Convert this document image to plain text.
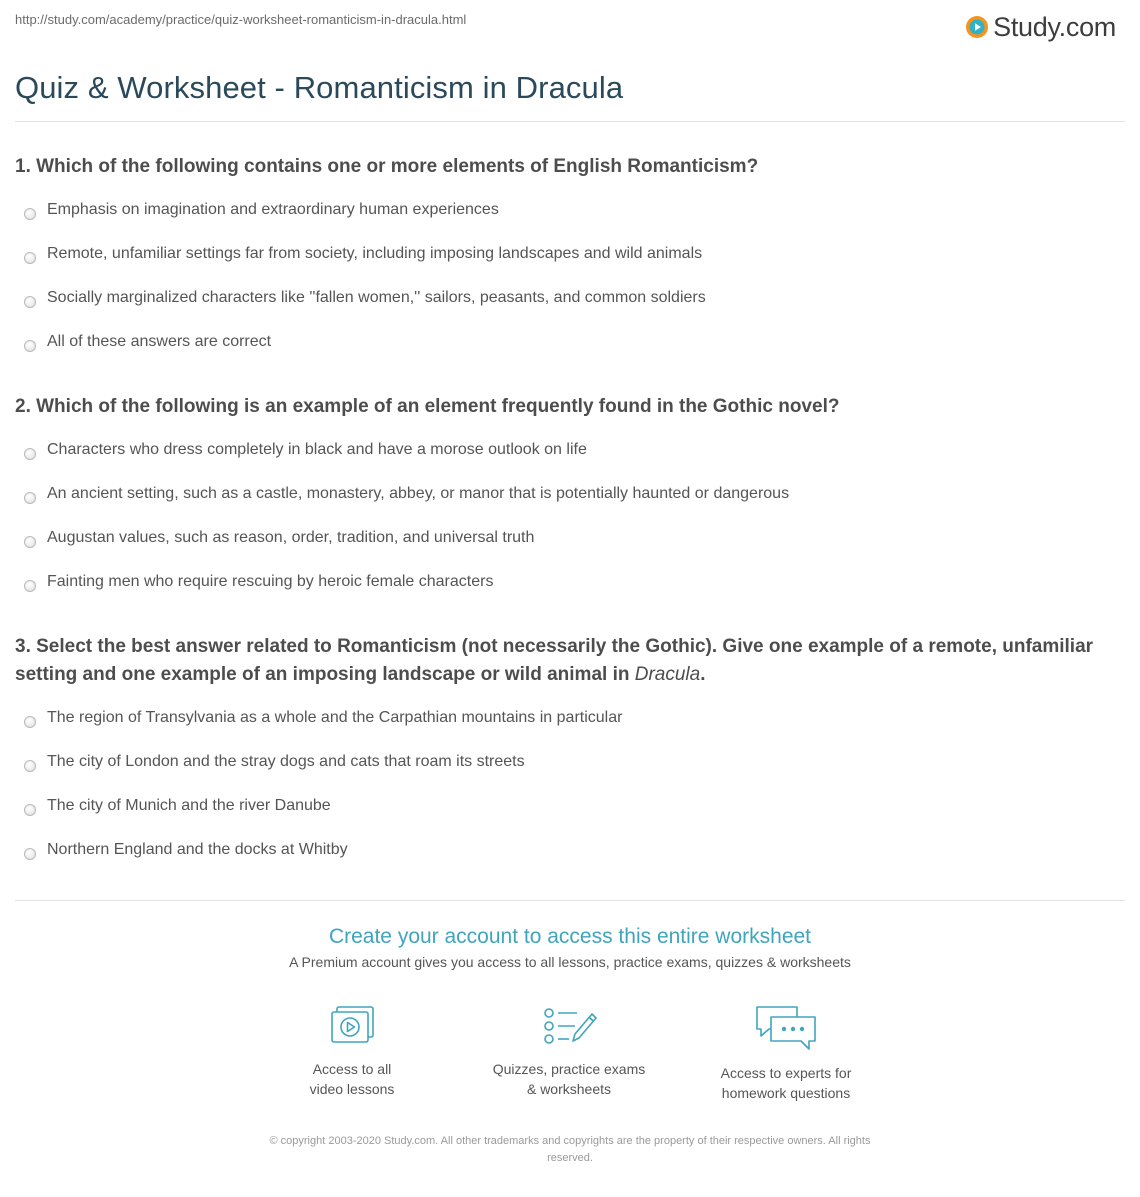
http://study.com/academy/practice/quiz-worksheet-romanticism-in-dracula.html	Study.com
Quiz & Worksheet - Romanticism in Dracula

1. Which of the following contains one or more elements of English Romanticism?

Emphasis on imagination and extraordinary human experiences
Remote, unfamiliar settings far from society, including imposing landscapes and wild animals
Socially marginalized characters like ''fallen women,'' sailors, peasants, and common soldiers
All of these answers are correct

2. Which of the following is an example of an element frequently found in the Gothic novel?

Characters who dress completely in black and have a morose outlook on life
An ancient setting, such as a castle, monastery, abbey, or manor that is potentially haunted or dangerous
Augustan values, such as reason, order, tradition, and universal truth
Fainting men who require rescuing by heroic female characters

3. Select the best answer related to Romanticism (not necessarily the Gothic). Give one example of a remote, unfamiliar setting and one example of an imposing landscape or wild animal in Dracula.

The region of Transylvania as a whole and the Carpathian mountains in particular
The city of London and the stray dogs and cats that roam its streets
The city of Munich and the river Danube
Northern England and the docks at Whitby

Create your account to access this entire worksheet

A Premium account gives you access to all lessons, practice exams, quizzes & worksheets
Access to all
video lessons
Quizzes, practice exams
& worksheets
Access to experts for
homework questions
© copyright 2003-2020 Study.com. All other trademarks and copyrights are the property of their respective owners. All rights
reserved.
